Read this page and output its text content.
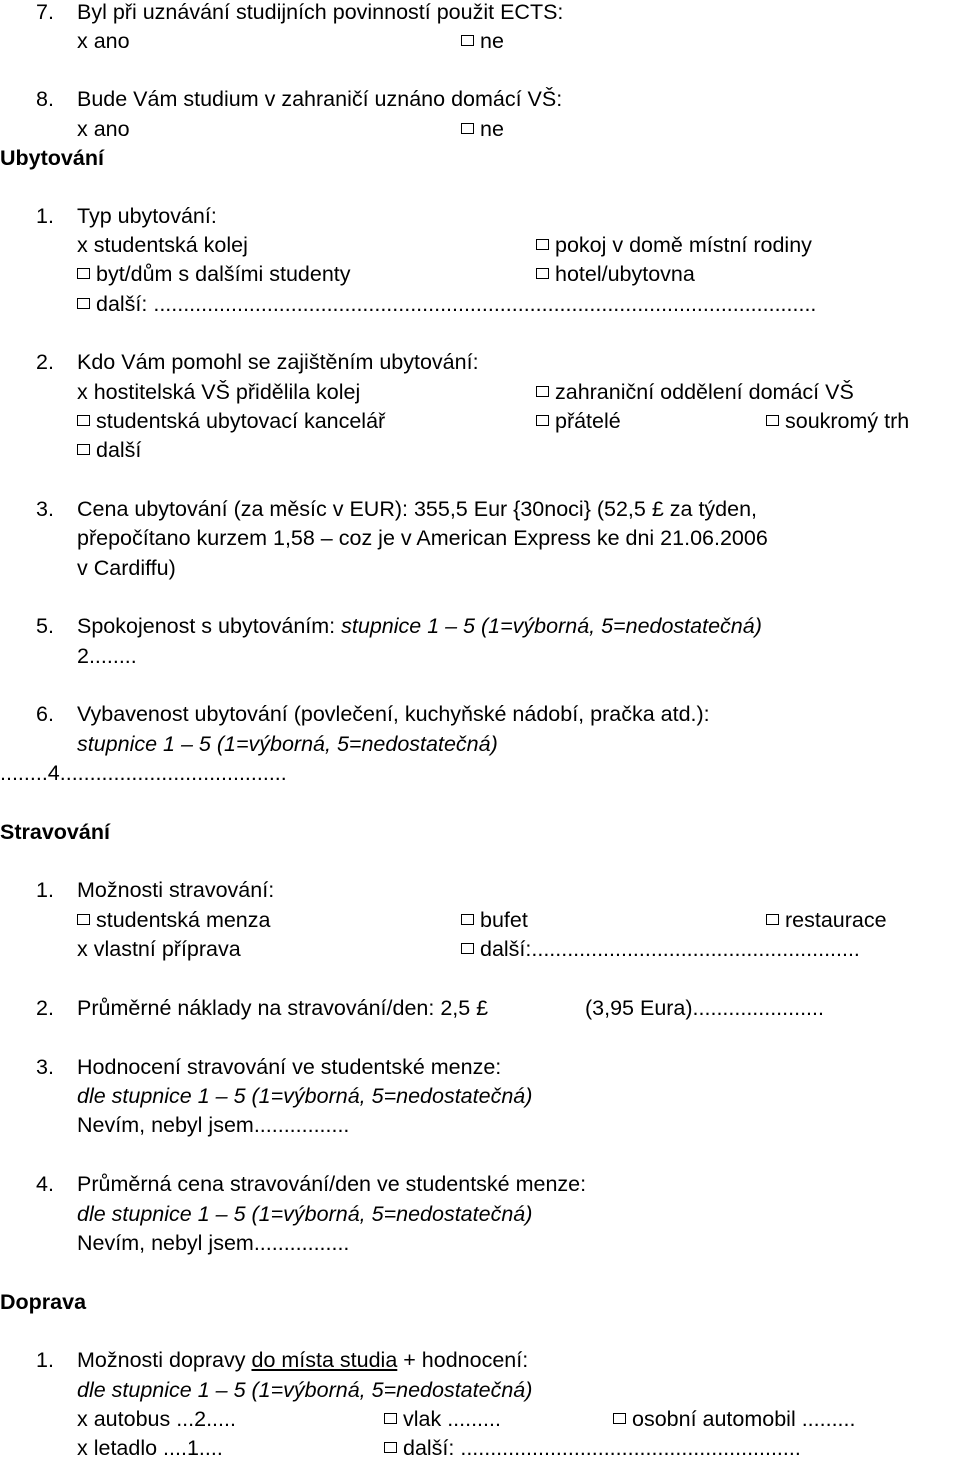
7. Byl při uznávání studijních povinností použit ECTS:
x ano	ne
8. Bude Vám studium v zahraničí uznáno domácí VŠ:
x ano	ne
Ubytování
1. Typ ubytování:
x studentská kolej	pokoj v domě místní rodiny
byt/dům s dalšími studenty	hotel/ubytovna
další: ...............................................................................................................
2. Kdo Vám pomohl se zajištěním ubytování:
x hostitelská VŠ přidělila kolej	zahraniční oddělení domácí VŠ
studentská ubytovací kancelář	přátelé	soukromý trh
další
3. Cena ubytování (za měsíc v EUR): 355,5 Eur {30noci} (52,5 £ za týden,
přepočítano kurzem 1,58 – coz je v American Express ke dni 21.06.2006
v Cardiffu)
5. Spokojenost s ubytováním: stupnice 1 – 5 (1=výborná, 5=nedostatečná)
2........
6. Vybavenost ubytování (povlečení, kuchyňské nádobí, pračka atd.):
stupnice 1 – 5 (1=výborná, 5=nedostatečná)
........4......................................
Stravování
1. Možnosti stravování:
studentská menza	bufet	restaurace
x vlastní příprava	další:.......................................................
2. Průměrné náklady na stravování/den: 2,5 £	(3,95 Eura)......................
3. Hodnocení stravování ve studentské menze:
dle stupnice 1 – 5 (1=výborná, 5=nedostatečná)
Nevím, nebyl jsem................
4. Průměrná cena stravování/den ve studentské menze:
dle stupnice 1 – 5 (1=výborná, 5=nedostatečná)
Nevím, nebyl jsem................
Doprava
1. Možnosti dopravy do místa studia + hodnocení:
dle stupnice 1 – 5 (1=výborná, 5=nedostatečná)
x autobus ...2.....	vlak .........	osobní automobil .........
x letadlo ....1....	další: .........................................................
